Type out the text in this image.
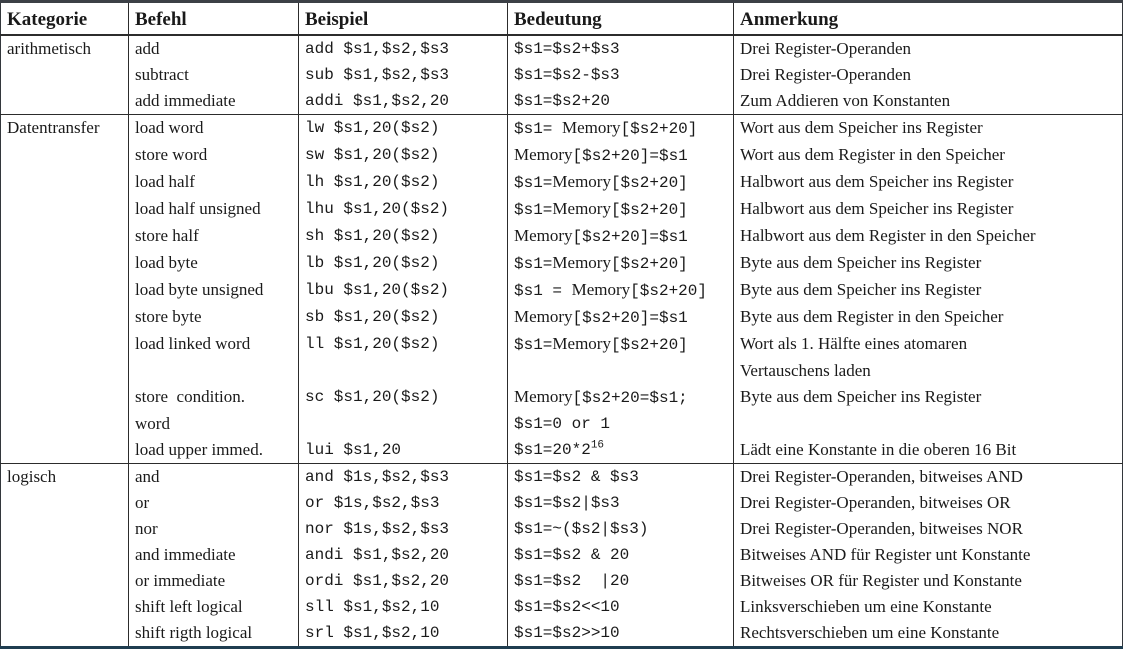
Kategorie	Befehl	Beispiel	Bedeutung	Anmerkung
arithmetisch	add	add $s1,$s2,$s3	$s1=$s2+$s3	Drei Register-Operanden
	subtract	sub $s1,$s2,$s3	$s1=$s2-$s3	Drei Register-Operanden
	add immediate	addi $s1,$s2,20	$s1=$s2+20	Zum Addieren von Konstanten
Datentransfer	load word	lw $s1,20($s2)	$s1= Memory[$s2+20]	Wort aus dem Speicher ins Register
	store word	sw $s1,20($s2)	Memory[$s2+20]=$s1	Wort aus dem Register in den Speicher
	load half	lh $s1,20($s2)	$s1=Memory[$s2+20]	Halbwort aus dem Speicher ins Register
	load half unsigned	lhu $s1,20($s2)	$s1=Memory[$s2+20]	Halbwort aus dem Speicher ins Register
	store half	sh $s1,20($s2)	Memory[$s2+20]=$s1	Halbwort aus dem Register in den Speicher
	load byte	lb $s1,20($s2)	$s1=Memory[$s2+20]	Byte aus dem Speicher ins Register
	load byte unsigned	lbu $s1,20($s2)	$s1 = Memory[$s2+20]	Byte aus dem Speicher ins Register
	store byte	sb $s1,20($s2)	Memory[$s2+20]=$s1	Byte aus dem Register in den Speicher
	load linked word	ll $s1,20($s2)	$s1=Memory[$s2+20]	Wort als 1. Hälfte eines atomaren
				Vertauschens laden
	store  condition.	sc $s1,20($s2)	Memory[$s2+20=$s1;	Byte aus dem Speicher ins Register
	word		$s1=0 or 1	
	load upper immed.	lui $s1,20	$\$s1=20*2^{16}$	Lädt eine Konstante in die oberen 16 Bit
logisch	and	and $1s,$s2,$s3	$s1=$s2 & $s3	Drei Register-Operanden, bitweises AND
	or	or $1s,$s2,$s3	$s1=$s2|$s3	Drei Register-Operanden, bitweises OR
	nor	nor $1s,$s2,$s3	$s1=~($s2|$s3)	Drei Register-Operanden, bitweises NOR
	and immediate	andi $s1,$s2,20	$s1=$s2 & 20	Bitweises AND für Register unt Konstante
	or immediate	ordi $s1,$s2,20	$s1=$s2  |20	Bitweises OR für Register und Konstante
	shift left logical	sll $s1,$s2,10	$s1=$s2<<10	Linksverschieben um eine Konstante
	shift rigth logical	srl $s1,$s2,10	$s1=$s2>>10	Rechtsverschieben um eine Konstante
